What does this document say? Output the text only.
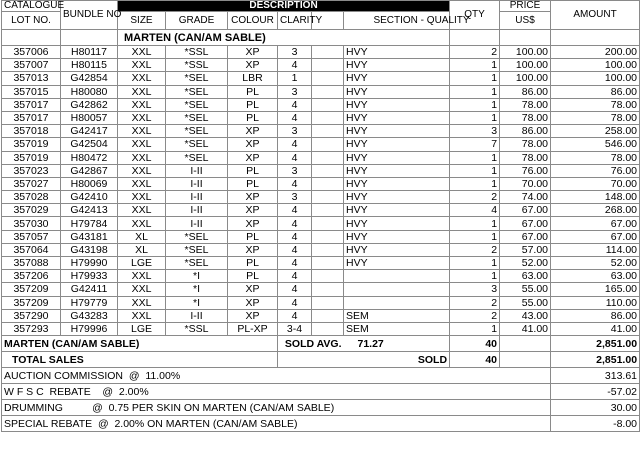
CATALOGUE	BUNDLE NO	DESCRIPTION						QTY	PRICE	AMOUNT
LOT NO.		SIZE	GRADE	COLOUR	CLARITY		SECTION - QUALITY		US$	
		MARTEN (CAN/AM SABLE)								
357006	H80117	XXL	*SSL	XP	3		HVY	2	100.00	200.00
357007	H80115	XXL	*SSL	XP	4		HVY	1	100.00	100.00
357013	G42854	XXL	*SEL	LBR	1		HVY	1	100.00	100.00
357015	H80080	XXL	*SEL	PL	3		HVY	1	86.00	86.00
357017	G42862	XXL	*SEL	PL	4		HVY	1	78.00	78.00
357017	H80057	XXL	*SEL	PL	4		HVY	1	78.00	78.00
357018	G42417	XXL	*SEL	XP	3		HVY	3	86.00	258.00
357019	G42504	XXL	*SEL	XP	4		HVY	7	78.00	546.00
357019	H80472	XXL	*SEL	XP	4		HVY	1	78.00	78.00
357023	G42867	XXL	I-II	PL	3		HVY	1	76.00	76.00
357027	H80069	XXL	I-II	PL	4		HVY	1	70.00	70.00
357028	G42410	XXL	I-II	XP	3		HVY	2	74.00	148.00
357029	G42413	XXL	I-II	XP	4		HVY	4	67.00	268.00
357030	H79784	XXL	I-II	XP	4		HVY	1	67.00	67.00
357057	G43181	XL	*SEL	PL	4		HVY	1	67.00	67.00
357064	G43198	XL	*SEL	XP	4		HVY	2	57.00	114.00
357088	H79990	LGE	*SEL	PL	4		HVY	1	52.00	52.00
357206	H79933	XXL	*I	PL	4			1	63.00	63.00
357209	G42411	XXL	*I	XP	4			3	55.00	165.00
357209	H79779	XXL	*I	XP	4			2	55.00	110.00
357290	G43283	XXL	I-II	XP	4		SEM	2	43.00	86.00
357293	H79996	LGE	*SSL	PL-XP	3-4		SEM	1	41.00	41.00
MARTEN (CAN/AM SABLE)					SOLD AVG.		71.27	40		2,851.00
TOTAL SALES					SOLD			40		2,851.00
AUCTION COMMISSION  @  11.00%										313.61
W F S C  REBATE    @  2.00%										-57.02
DRUMMING          @  0.75 PER SKIN ON MARTEN (CAN/AM SABLE)										30.00
SPECIAL REBATE  @  2.00% ON MARTEN (CAN/AM SABLE)										-8.00
